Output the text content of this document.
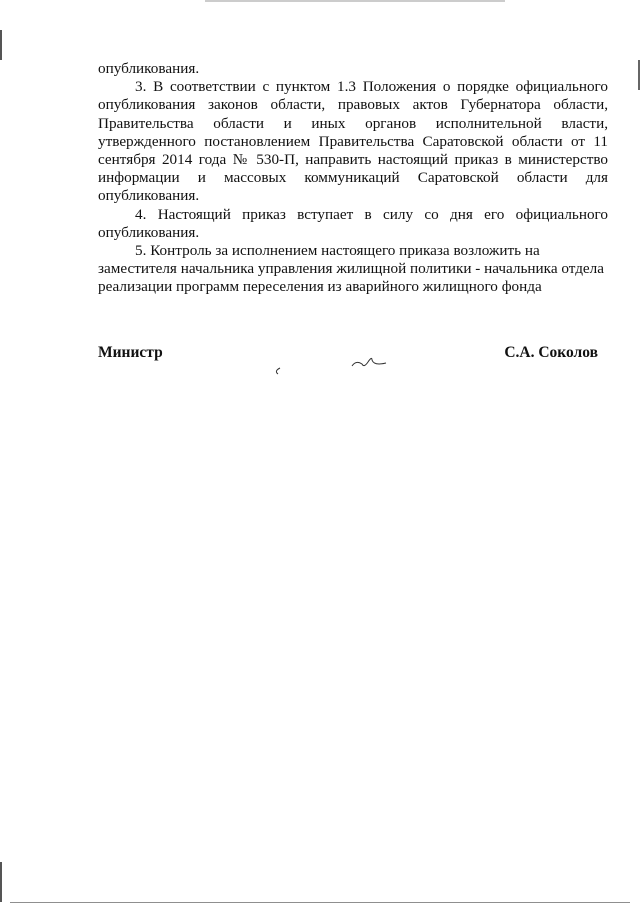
опубликования.

3. В соответствии с пунктом 1.3 Положения о порядке официального опубликования законов области, правовых актов Губернатора области, Правительства области и иных органов исполнительной власти, утвержденного постановлением Правительства Саратовской области от 11 сентября 2014 года № 530-П, направить настоящий приказ в министерство информации и массовых коммуникаций Саратовской области для опубликования.

4. Настоящий приказ вступает в силу со дня его официального опубликования.

5. Контроль за исполнением настоящего приказа возложить на заместителя начальника управления жилищной политики - начальника отдела реализации программ переселения из аварийного жилищного фонда

Министр	С.А. Соколов
